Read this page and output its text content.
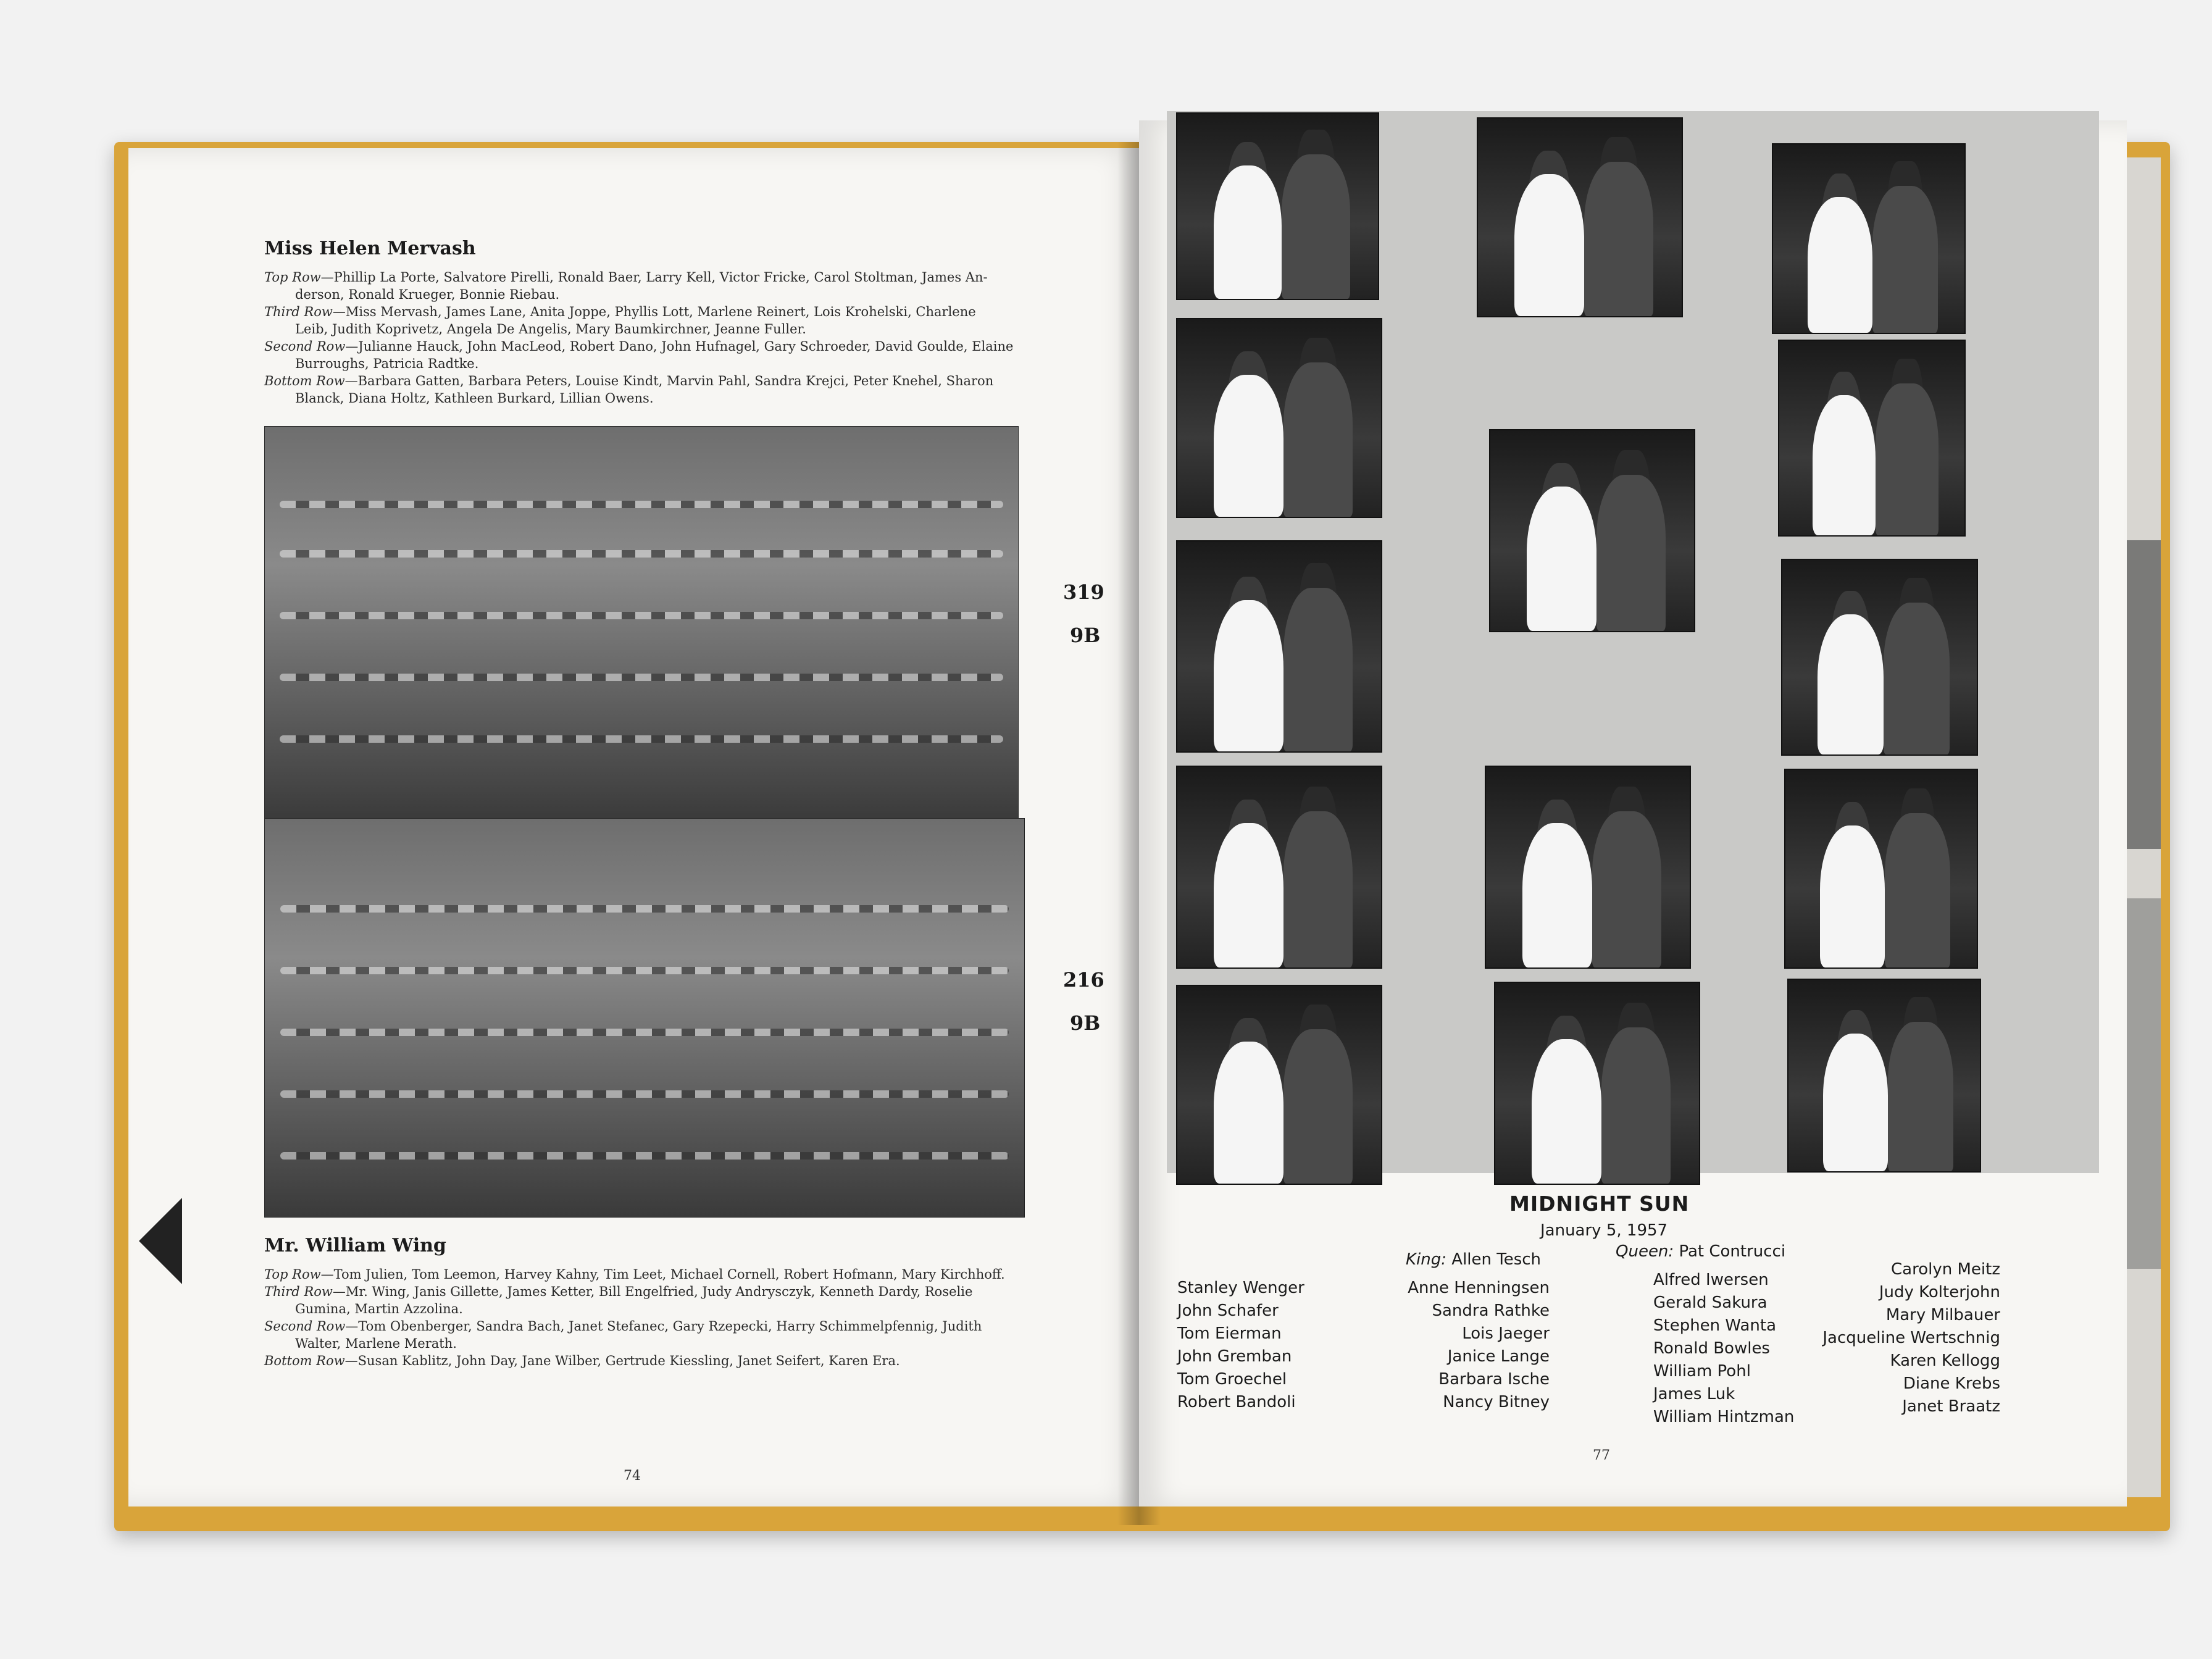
Miss Helen Mervash
Top Row—Phillip La Porte, Salvatore Pirelli, Ronald Baer, Larry Kell, Victor Fricke, Carol Stoltman, James An-
derson, Ronald Krueger, Bonnie Riebau.
Third Row—Miss Mervash, James Lane, Anita Joppe, Phyllis Lott, Marlene Reinert, Lois Krohelski, Charlene
Leib, Judith Koprivetz, Angela De Angelis, Mary Baumkirchner, Jeanne Fuller.
Second Row—Julianne Hauck, John MacLeod, Robert Dano, John Hufnagel, Gary Schroeder, David Goulde, Elaine
Burroughs, Patricia Radtke.
Bottom Row—Barbara Gatten, Barbara Peters, Louise Kindt, Marvin Pahl, Sandra Krejci, Peter Knehel, Sharon
Blanck, Diana Holtz, Kathleen Burkard, Lillian Owens.
319
9B
216
9B
Mr. William Wing
Top Row—Tom Julien, Tom Leemon, Harvey Kahny, Tim Leet, Michael Cornell, Robert Hofmann, Mary Kirchhoff.
Third Row—Mr. Wing, Janis Gillette, James Ketter, Bill Engelfried, Judy Andrysczyk, Kenneth Dardy, Roselie
Gumina, Martin Azzolina.
Second Row—Tom Obenberger, Sandra Bach, Janet Stefanec, Gary Rzepecki, Harry Schimmelpfennig, Judith
Walter, Marlene Merath.
Bottom Row—Susan Kablitz, John Day, Jane Wilber, Gertrude Kiessling, Janet Seifert, Karen Era.
74
MIDNIGHT SUN
January 5, 1957
King: Allen Tesch	Queen: Pat Contrucci
Stanley Wenger
John Schafer
Tom Eierman
John Gremban
Tom Groechel
Robert Bandoli
Anne Henningsen
Sandra Rathke
Lois Jaeger
Janice Lange
Barbara Ische
Nancy Bitney
Alfred Iwersen
Gerald Sakura
Stephen Wanta
Ronald Bowles
William Pohl
James Luk
William Hintzman
Carolyn Meitz
Judy Kolterjohn
Mary Milbauer
Jacqueline Wertschnig
Karen Kellogg
Diane Krebs
Janet Braatz
77
